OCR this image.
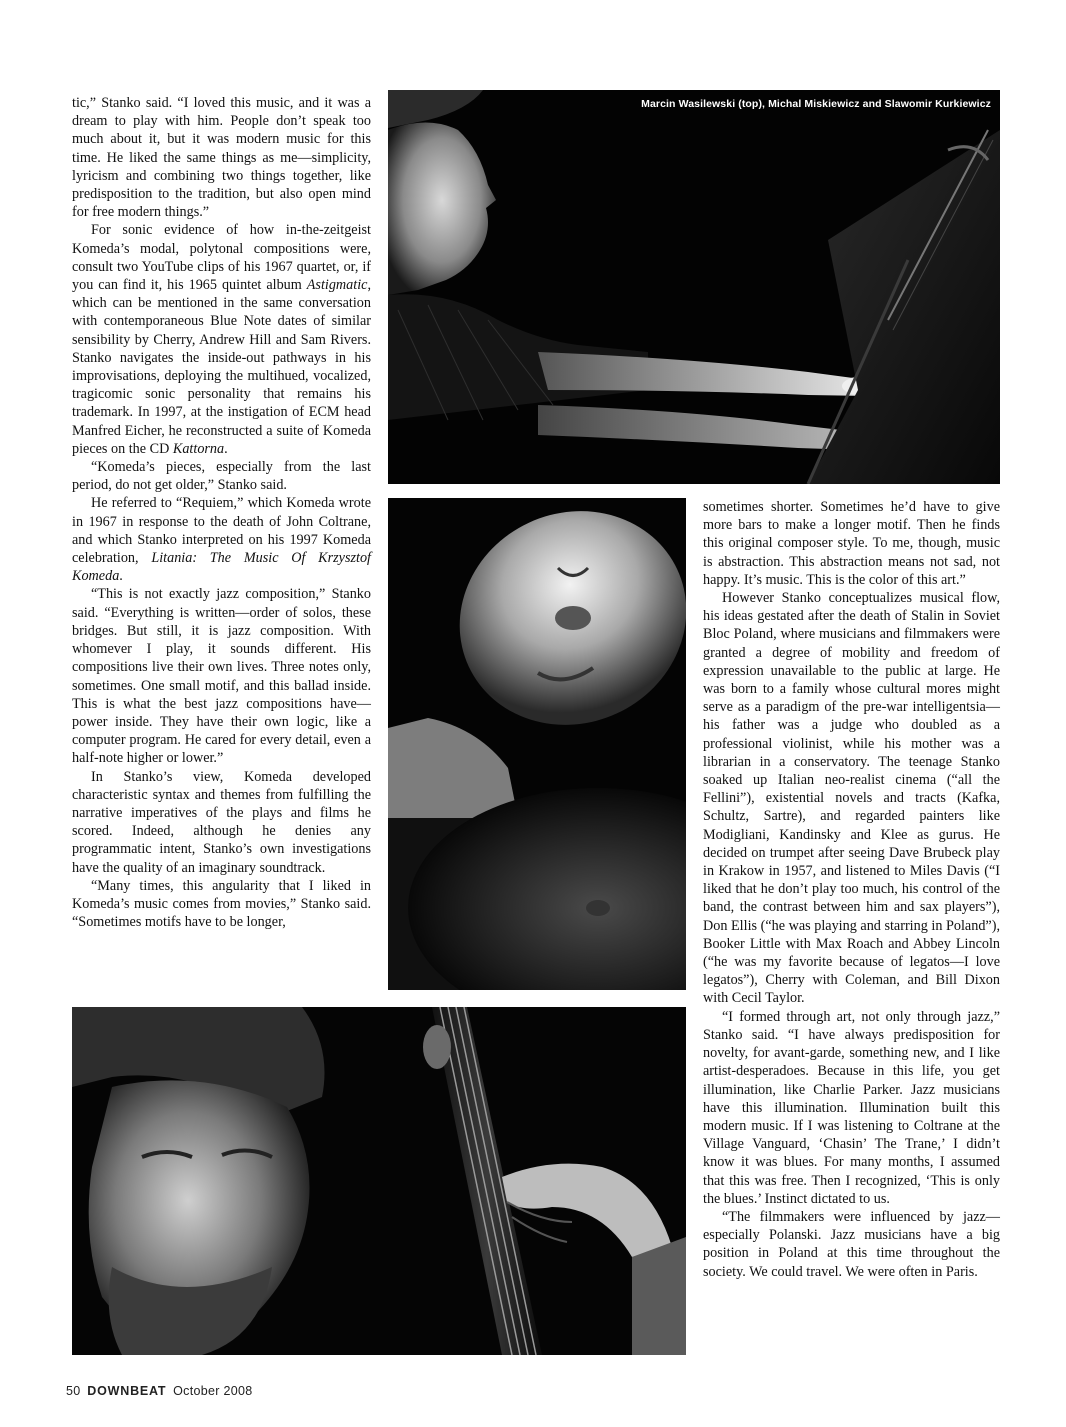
tic,” Stanko said. “I loved this music, and it was a dream to play with him. People don’t speak too much about it, but it was modern music for this time. He liked the same things as me—simplicity, lyricism and combining two things together, like predisposition to the tradition, but also open mind for free modern things.”

For sonic evidence of how in-the-zeitgeist Komeda’s modal, polytonal compositions were, consult two YouTube clips of his 1967 quartet, or, if you can find it, his 1965 quintet album Astigmatic, which can be mentioned in the same conversation with contemporaneous Blue Note dates of similar sensibility by Cherry, Andrew Hill and Sam Rivers. Stanko navigates the inside-out pathways in his improvisations, deploying the multihued, vocalized, tragicomic sonic personality that remains his trademark. In 1997, at the instigation of ECM head Manfred Eicher, he reconstructed a suite of Komeda pieces on the CD Kattorna.

“Komeda’s pieces, especially from the last period, do not get older,” Stanko said.

He referred to “Requiem,” which Komeda wrote in 1967 in response to the death of John Coltrane, and which Stanko interpreted on his 1997 Komeda celebration, Litania: The Music Of Krzysztof Komeda.

“This is not exactly jazz composition,” Stanko said. “Everything is written—order of solos, these bridges. But still, it is jazz composition. With whomever I play, it sounds different. His compositions live their own lives. Three notes only, sometimes. One small motif, and this ballad inside. This is what the best jazz compositions have—power inside. They have their own logic, like a computer program. He cared for every detail, even a half-note higher or lower.”

In Stanko’s view, Komeda developed characteristic syntax and themes from fulfilling the narrative imperatives of the plays and films he scored. Indeed, although he denies any programmatic intent, Stanko’s own investigations have the quality of an imaginary soundtrack.

“Many times, this angularity that I liked in Komeda’s music comes from movies,” Stanko said. “Sometimes motifs have to be longer,

Marcin Wasilewski (top), Michal Miskiewicz and Slawomir Kurkiewicz

sometimes shorter. Sometimes he’d have to give more bars to make a longer motif. Then he finds this original composer style. To me, though, music is abstraction. This abstraction means not sad, not happy. It’s music. This is the color of this art.”

However Stanko conceptualizes musical flow, his ideas gestated after the death of Stalin in Soviet Bloc Poland, where musicians and filmmakers were granted a degree of mobility and freedom of expression unavailable to the public at large. He was born to a family whose cultural mores might serve as a paradigm of the pre-war intelligentsia—his father was a judge who doubled as a professional violinist, while his mother was a librarian in a conservatory. The teenage Stanko soaked up Italian neo-realist cinema (“all the Fellini”), existential novels and tracts (Kafka, Schultz, Sartre), and regarded painters like Modigliani, Kandinsky and Klee as gurus. He decided on trumpet after seeing Dave Brubeck play in Krakow in 1957, and listened to Miles Davis (“I liked that he don’t play too much, his control of the band, the contrast between him and sax players”), Don Ellis (“he was playing and starring in Poland”), Booker Little with Max Roach and Abbey Lincoln (“he was my favorite because of legatos—I love legatos”), Cherry with Coleman, and Bill Dixon with Cecil Taylor.

“I formed through art, not only through jazz,” Stanko said. “I have always predisposition for novelty, for avant-garde, something new, and I like artist-desperadoes. Because in this life, you get illumination, like Charlie Parker. Jazz musicians have this illumination. Illumination built this modern music. If I was listening to Coltrane at the Village Vanguard, ‘Chasin’ The Trane,’ I didn’t know it was blues. For many months, I assumed that this was free. Then I recognized, ‘This is only the blues.’ Instinct dictated to us.

“The filmmakers were influenced by jazz—especially Polanski. Jazz musicians have a big position in Poland at this time throughout the society. We could travel. We were often in Paris.

50 DOWNBEAT October 2008
